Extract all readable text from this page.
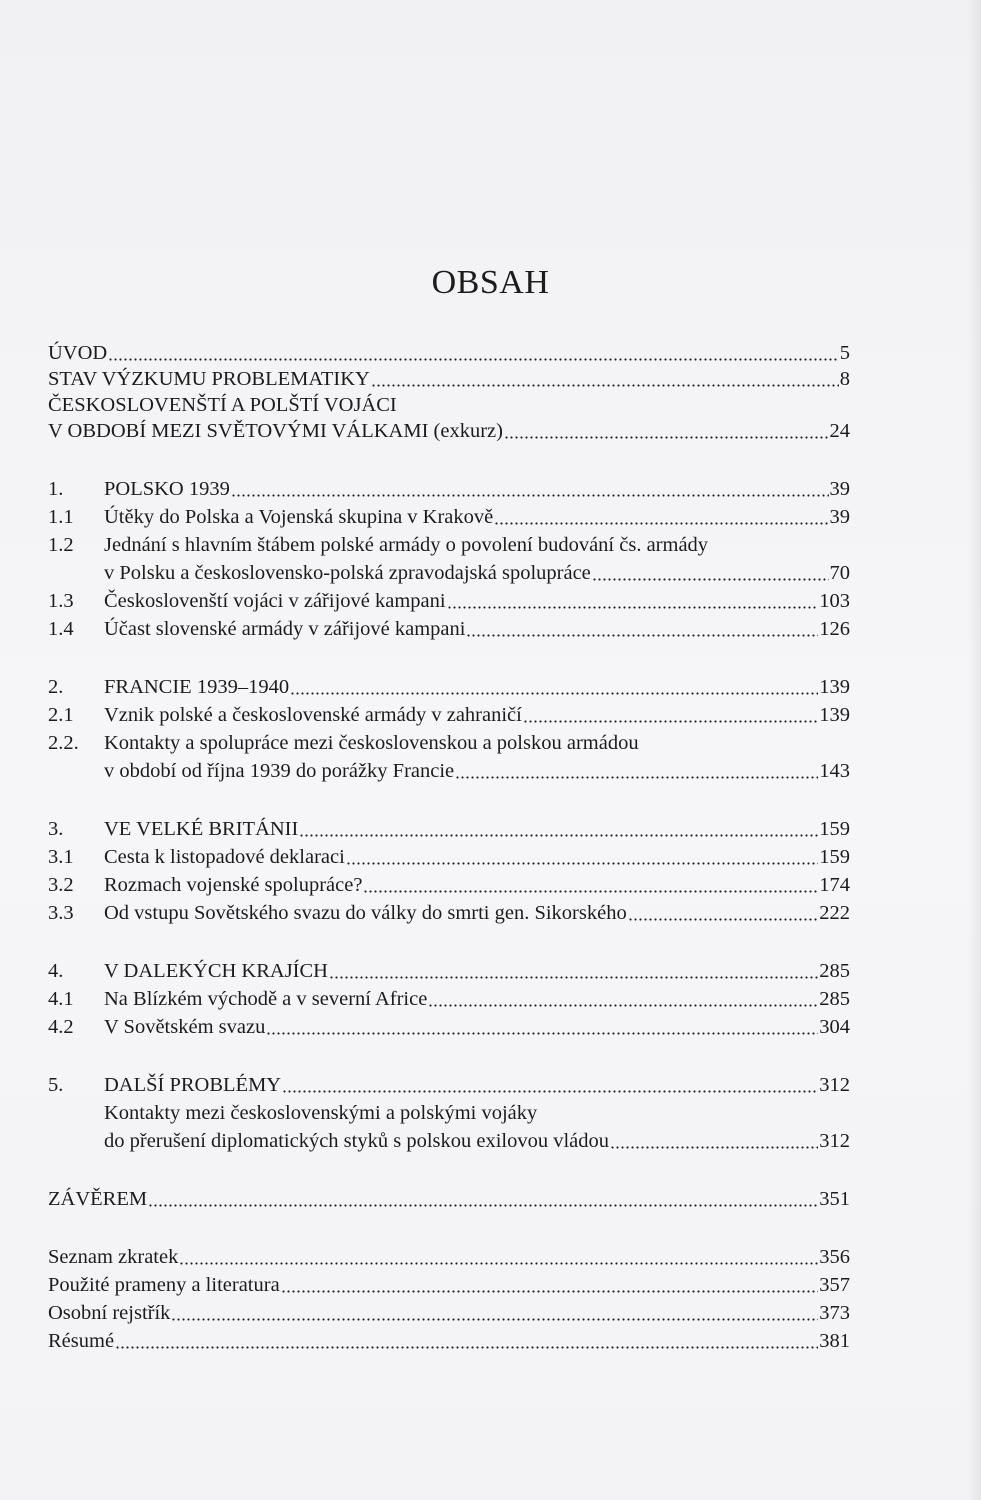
OBSAH
ÚVOD	5
STAV VÝZKUMU PROBLEMATIKY	8
ČESKOSLOVENŠTÍ A POLŠTÍ VOJÁCI
V OBDOBÍ MEZI SVĚTOVÝMI VÁLKAMI (exkurz)	24
1. POLSKO 1939	39
1.1 Útěky do Polska a Vojenská skupina v Krakově	39
1.2 Jednání s hlavním štábem polské armády o povolení budování čs. armády
v Polsku a československo-polská zpravodajská spolupráce	70
1.3 Českoslovenští vojáci v zářijové kampani	103
1.4 Účast slovenské armády v zářijové kampani	126
2. FRANCIE 1939–1940	139
2.1 Vznik polské a československé armády v zahraničí	139
2.2. Kontakty a spolupráce mezi československou a polskou armádou
v období od října 1939 do porážky Francie	143
3. VE VELKÉ BRITÁNII	159
3.1 Cesta k listopadové deklaraci	159
3.2 Rozmach vojenské spolupráce?	174
3.3 Od vstupu Sovětského svazu do války do smrti gen. Sikorského	222
4. V DALEKÝCH KRAJÍCH	285
4.1 Na Blízkém východě a v severní Africe	285
4.2 V Sovětském svazu	304
5. DALŠÍ PROBLÉMY	312
Kontakty mezi československými a polskými vojáky
do přerušení diplomatických styků s polskou exilovou vládou	312
ZÁVĚREM	351
Seznam zkratek	356
Použité prameny a literatura	357
Osobní rejstřík	373
Résumé	381
